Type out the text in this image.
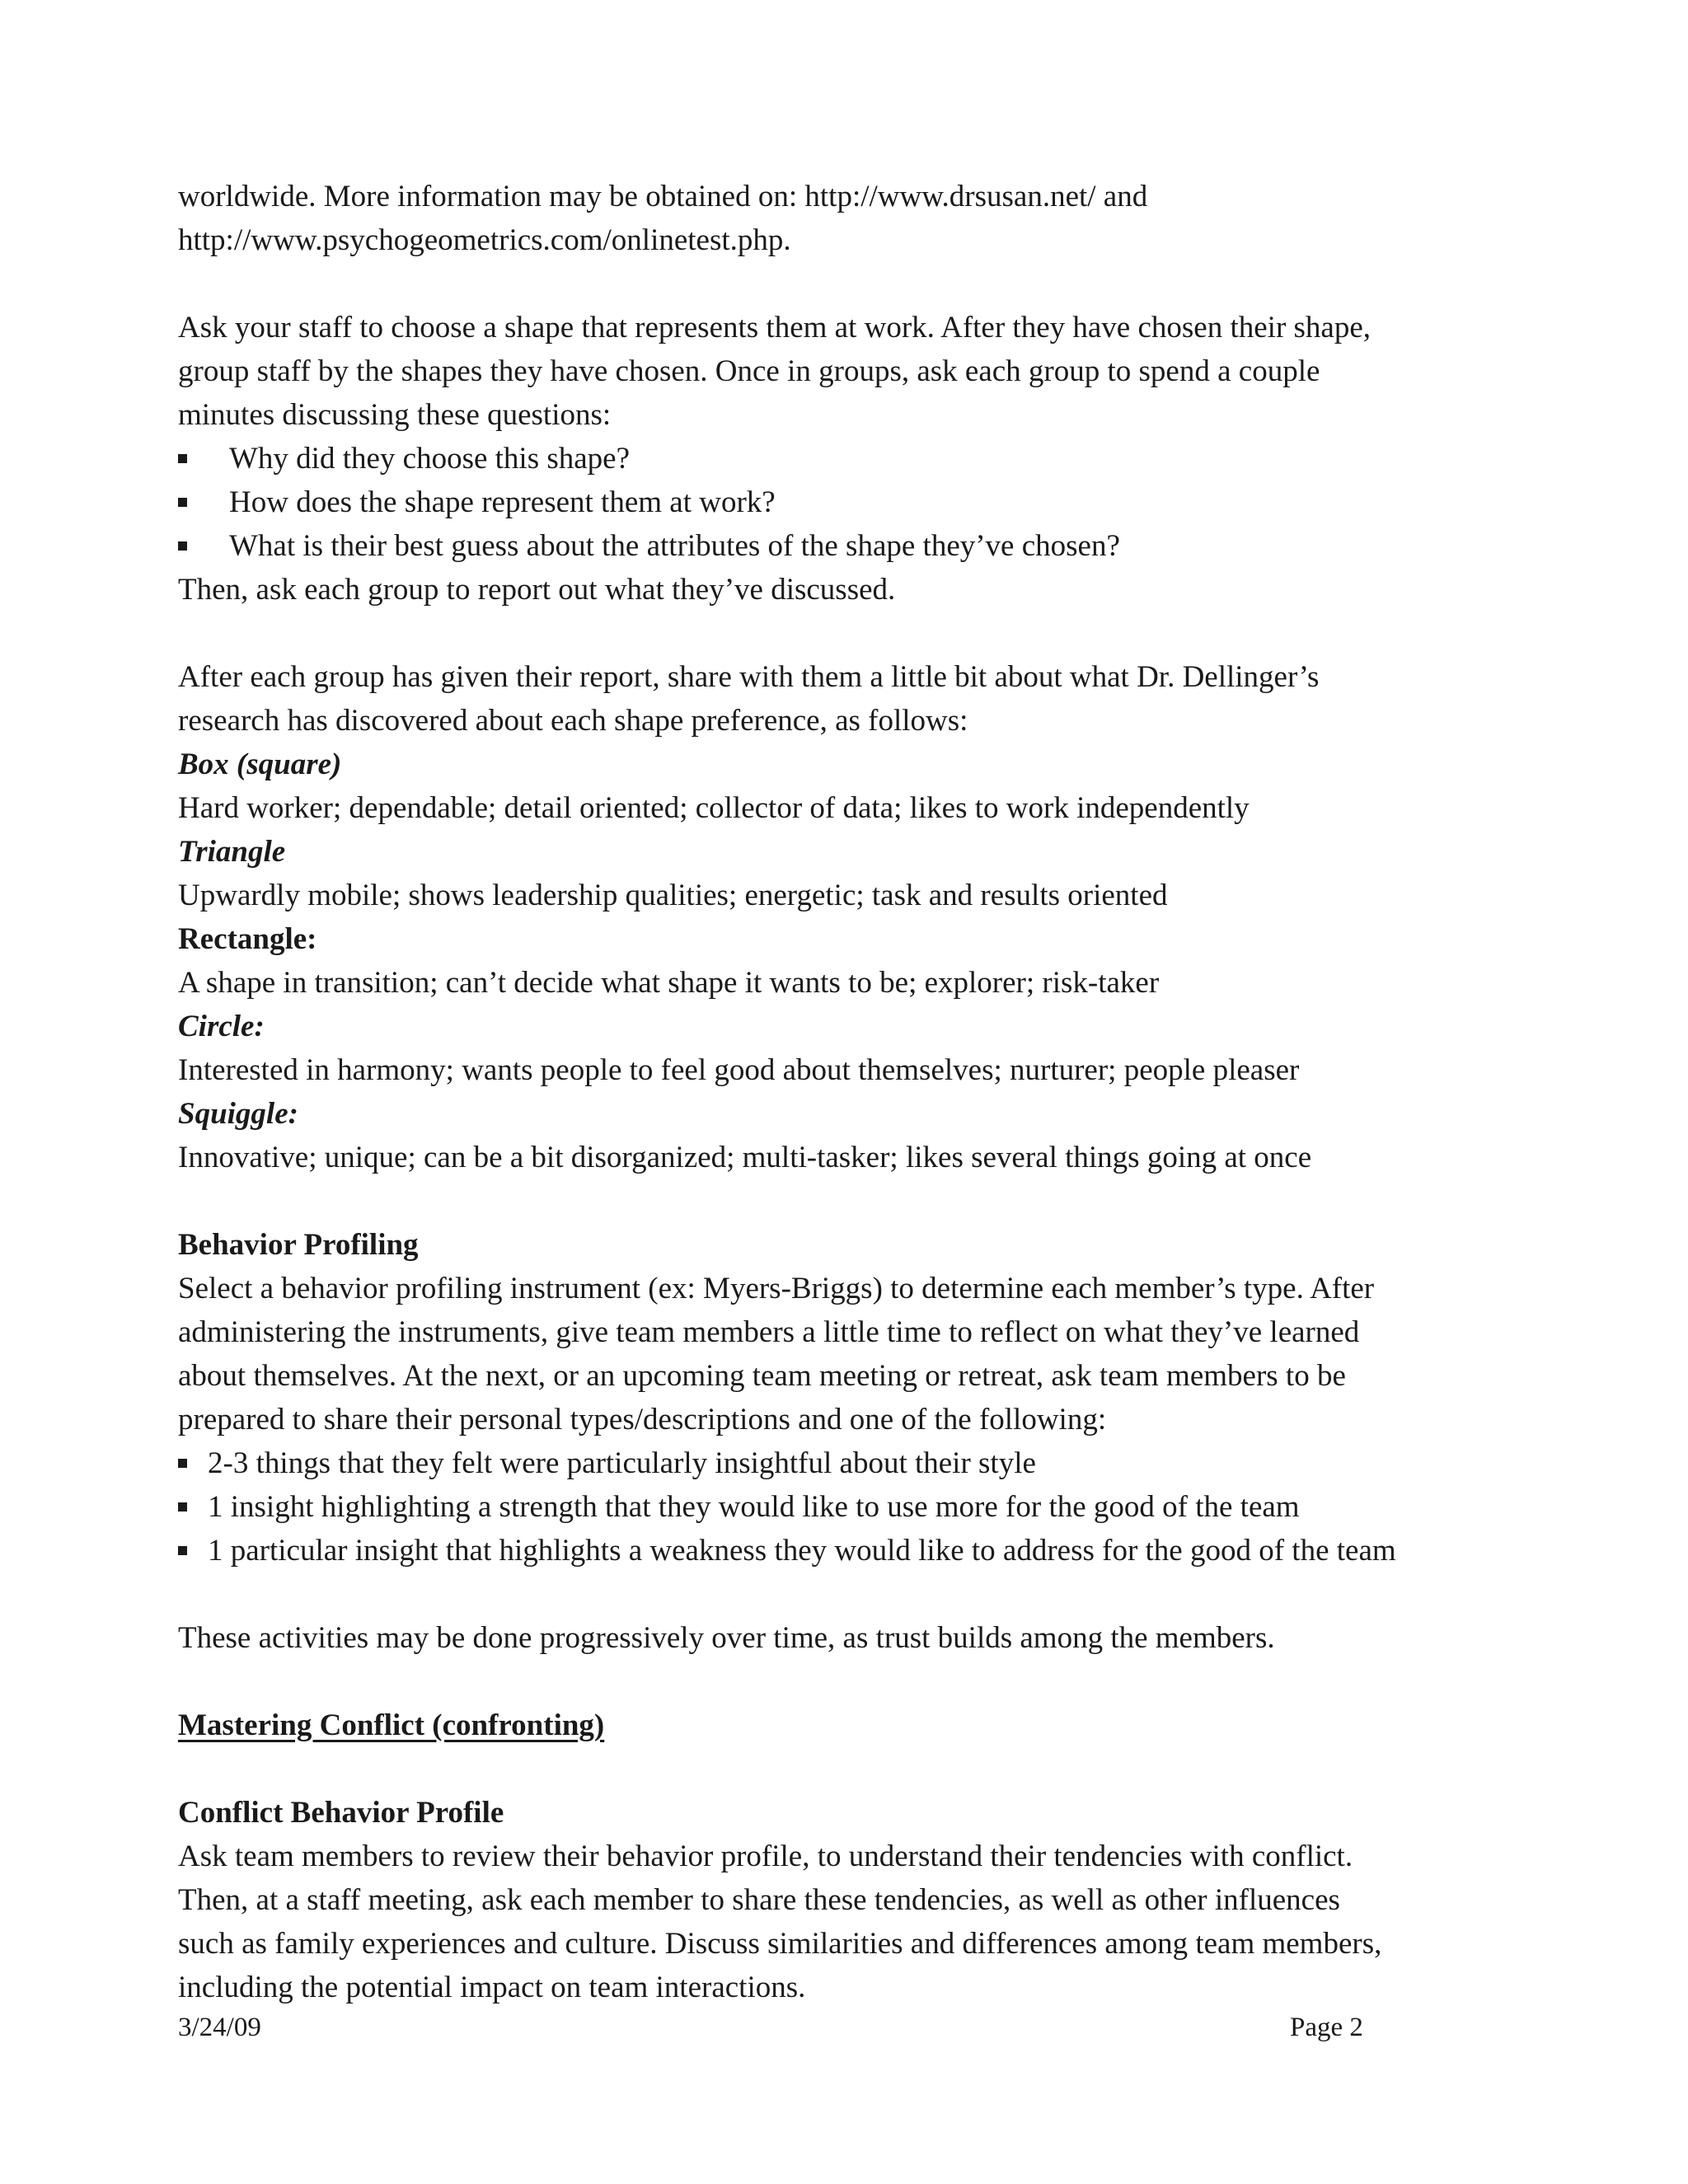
worldwide. More information may be obtained on: http://www.drsusan.net/ and

http://www.psychogeometrics.com/onlinetest.php.

Ask your staff to choose a shape that represents them at work. After they have chosen their shape,

group staff by the shapes they have chosen. Once in groups, ask each group to spend a couple

minutes discussing these questions:

Why did they choose this shape?
How does the shape represent them at work?
What is their best guess about the attributes of the shape they’ve chosen?

Then, ask each group to report out what they’ve discussed.

After each group has given their report, share with them a little bit about what Dr. Dellinger’s

research has discovered about each shape preference, as follows:

Box (square)

Hard worker; dependable; detail oriented; collector of data; likes to work independently

Triangle

Upwardly mobile; shows leadership qualities; energetic; task and results oriented

Rectangle:

A shape in transition; can’t decide what shape it wants to be; explorer; risk-taker

Circle:

Interested in harmony; wants people to feel good about themselves; nurturer; people pleaser

Squiggle:

Innovative; unique; can be a bit disorganized; multi-tasker; likes several things going at once

Behavior Profiling

Select a behavior profiling instrument (ex: Myers-Briggs) to determine each member’s type. After

administering the instruments, give team members a little time to reflect on what they’ve learned

about themselves. At the next, or an upcoming team meeting or retreat, ask team members to be

prepared to share their personal types/descriptions and one of the following:

2-3 things that they felt were particularly insightful about their style
1 insight highlighting a strength that they would like to use more for the good of the team
1 particular insight that highlights a weakness they would like to address for the good of the team

These activities may be done progressively over time, as trust builds among the members.

Mastering Conflict (confronting)

Conflict Behavior Profile

Ask team members to review their behavior profile, to understand their tendencies with conflict.

Then, at a staff meeting, ask each member to share these tendencies, as well as other influences

such as family experiences and culture. Discuss similarities and differences among team members,

including the potential impact on team interactions.

3/24/09	Page 2
